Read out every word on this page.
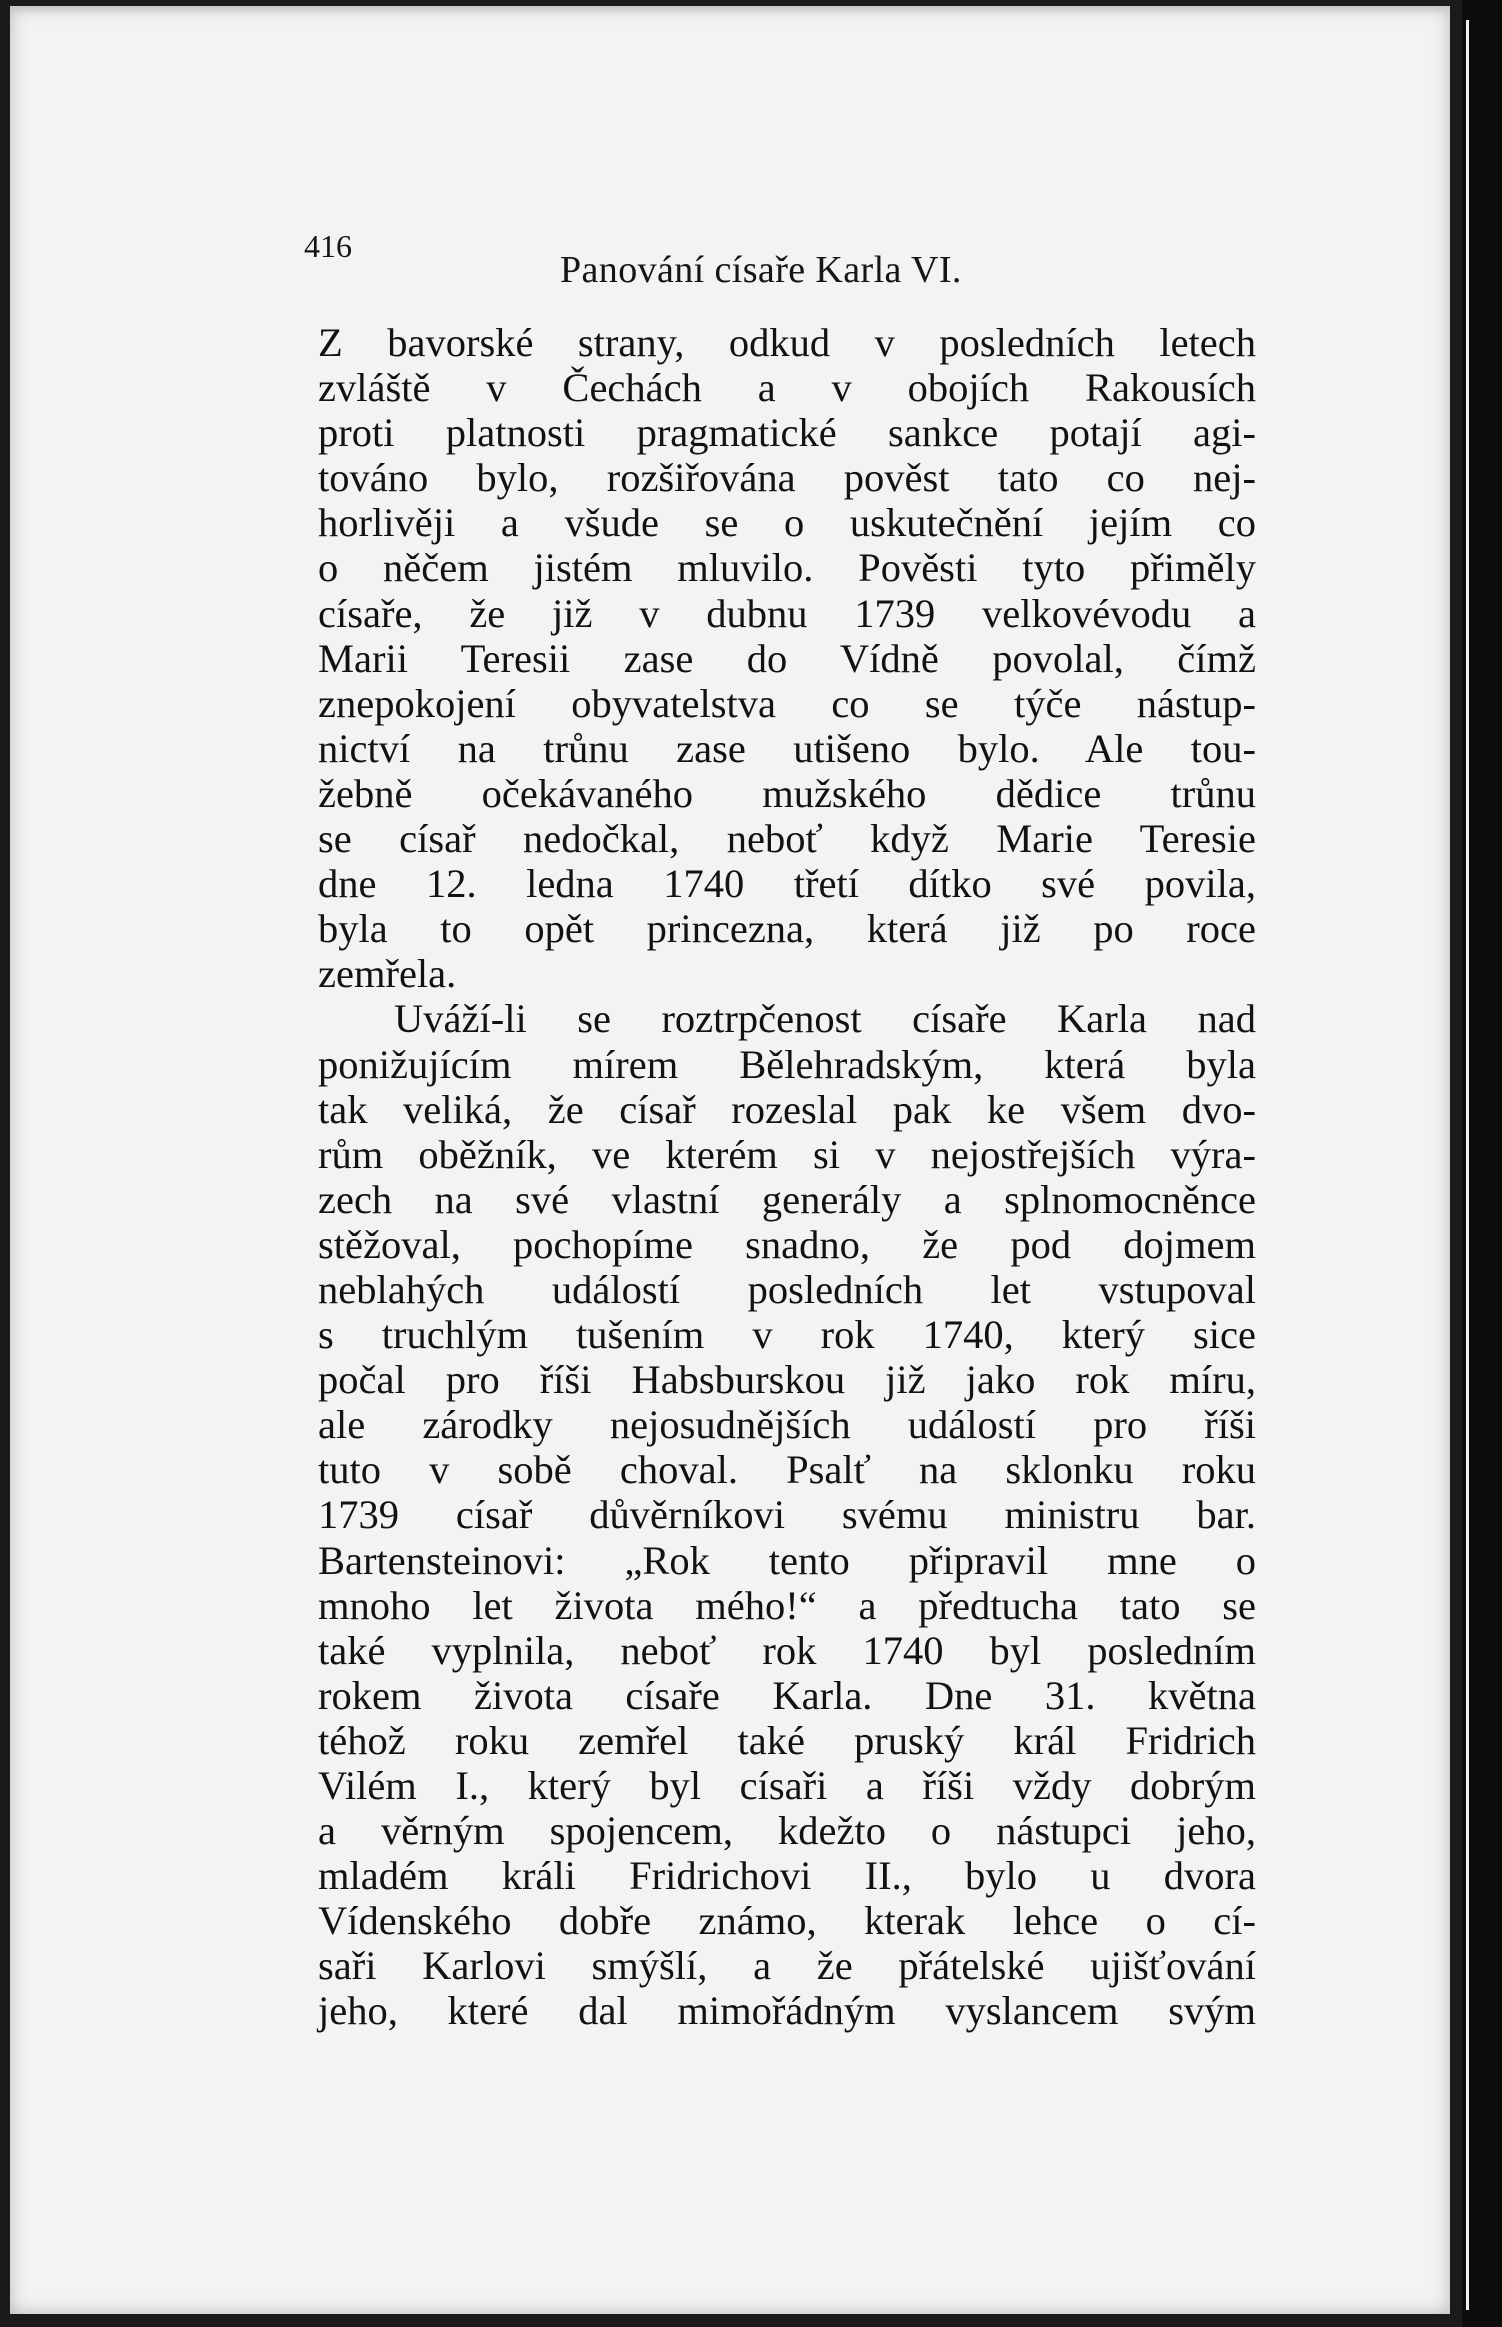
416
Panování císaře Karla VI.
Z bavorské strany, odkud v posledních letech
zvláště v Čechách a v obojích Rakousích
proti platnosti pragmatické sankce potají agi-
továno bylo, rozšiřována pověst tato co nej-
horlivěji a všude se o uskutečnění jejím co
o něčem jistém mluvilo. Pověsti tyto přiměly
císaře, že již v dubnu 1739 velkovévodu a
Marii Teresii zase do Vídně povolal, čímž
znepokojení obyvatelstva co se týče nástup-
nictví na trůnu zase utišeno bylo. Ale tou-
žebně očekávaného mužského dědice trůnu
se císař nedočkal, neboť když Marie Teresie
dne 12. ledna 1740 třetí dítko své povila,
byla to opět princezna, která již po roce
zemřela.
Uváží-li se roztrpčenost císaře Karla nad
ponižujícím mírem Bělehradským, která byla
tak veliká, že císař rozeslal pak ke všem dvo-
rům oběžník, ve kterém si v nejostřejších výra-
zech na své vlastní generály a splnomocněnce
stěžoval, pochopíme snadno, že pod dojmem
neblahých událostí posledních let vstupoval
s truchlým tušením v rok 1740, který sice
počal pro říši Habsburskou již jako rok míru,
ale zárodky nejosudnějších událostí pro říši
tuto v sobě choval. Psalť na sklonku roku
1739 císař důvěrníkovi svému ministru bar.
Bartensteinovi: „Rok tento připravil mne o
mnoho let života mého!“ a předtucha tato se
také vyplnila, neboť rok 1740 byl posledním
rokem života císaře Karla. Dne 31. května
téhož roku zemřel také pruský král Fridrich
Vilém I., který byl císaři a říši vždy dobrým
a věrným spojencem, kdežto o nástupci jeho,
mladém králi Fridrichovi II., bylo u dvora
Vídenského dobře známo, kterak lehce o cí-
saři Karlovi smýšlí, a že přátelské ujišťování
jeho, které dal mimořádným vyslancem svým
